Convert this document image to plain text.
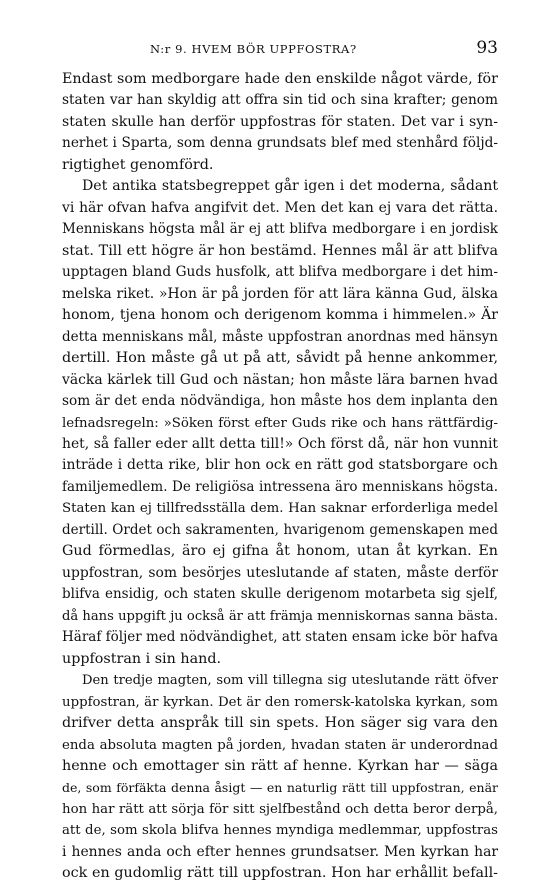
N:r 9. HVEM BÖR UPPFOSTRA?	93
Endast som medborgare hade den enskilde något värde, för
staten var han skyldig att offra sin tid och sina krafter; genom
staten skulle han derför uppfostras för staten. Det var i syn-
nerhet i Sparta, som denna grundsats blef med stenhård följd-
rigtighet genomförd.
Det antika statsbegreppet går igen i det moderna, sådant
vi här ofvan hafva angifvit det. Men det kan ej vara det rätta.
Menniskans högsta mål är ej att blifva medborgare i en jordisk
stat. Till ett högre är hon bestämd. Hennes mål är att blifva
upptagen bland Guds husfolk, att blifva medborgare i det him-
melska riket. »Hon är på jorden för att lära känna Gud, älska
honom, tjena honom och derigenom komma i himmelen.» Är
detta menniskans mål, måste uppfostran anordnas med hänsyn
dertill. Hon måste gå ut på att, såvidt på henne ankommer,
väcka kärlek till Gud och nästan; hon måste lära barnen hvad
som är det enda nödvändiga, hon måste hos dem inplanta den
lefnadsregeln: »Söken först efter Guds rike och hans rättfärdig-
het, så faller eder allt detta till!» Och först då, när hon vunnit
inträde i detta rike, blir hon ock en rätt god statsborgare och
familjemedlem. De religiösa intressena äro menniskans högsta.
Staten kan ej tillfredsställa dem. Han saknar erforderliga medel
dertill. Ordet och sakramenten, hvarigenom gemenskapen med
Gud förmedlas, äro ej gifna åt honom, utan åt kyrkan. En
uppfostran, som besörjes uteslutande af staten, måste derför
blifva ensidig, och staten skulle derigenom motarbeta sig sjelf,
då hans uppgift ju också är att främja menniskornas sanna bästa.
Häraf följer med nödvändighet, att staten ensam icke bör hafva
uppfostran i sin hand.
Den tredje magten, som vill tillegna sig uteslutande rätt öfver
uppfostran, är kyrkan. Det är den romersk-katolska kyrkan, som
drifver detta anspråk till sin spets. Hon säger sig vara den
enda absoluta magten på jorden, hvadan staten är underordnad
henne och emottager sin rätt af henne. Kyrkan har — säga
de, som förfäkta denna åsigt — en naturlig rätt till uppfostran, enär
hon har rätt att sörja för sitt sjelfbestånd och detta beror derpå,
att de, som skola blifva hennes myndiga medlemmar, uppfostras
i hennes anda och efter hennes grundsatser. Men kyrkan har
ock en gudomlig rätt till uppfostran. Hon har erhållit befall-
